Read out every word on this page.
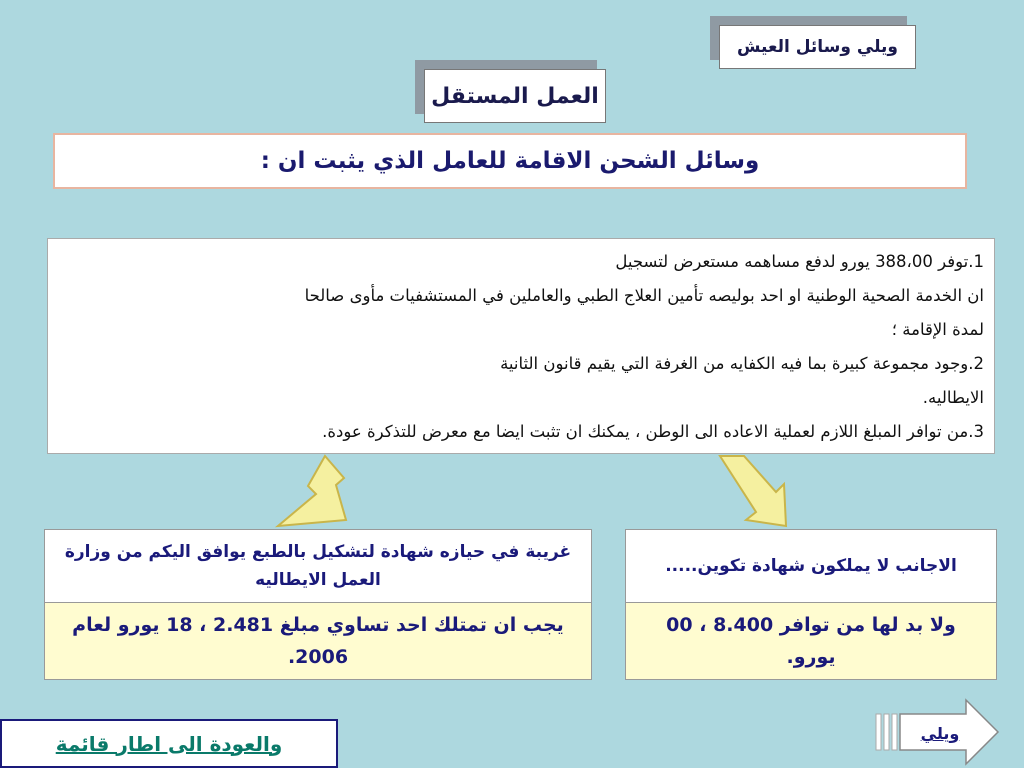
ويلي وسائل العيش
العمل المستقل
وسائل الشحن الاقامة للعامل الذي يثبت ان :

1.توفر 388،00 يورو لدفع مساهمه مستعرض لتسجيل

ان الخدمة الصحية الوطنية او احد بوليصه تأمين العلاج الطبي والعاملين في المستشفيات مأوى صالحا

لمدة الإقامة ؛

2.وجود مجموعة كبيرة بما فيه الكفايه من الغرفة التي يقيم قانون الثانية

الايطاليه.

3.من توافر المبلغ اللازم لعملية الاعاده الى الوطن ، يمكنك ان تثبت ايضا مع معرض للتذكرة عودة.

غريبة في حيازه شهادة لتشكيل بالطبع يوافق اليكم من وزارة العمل الايطاليه
يجب ان تمتلك احد تساوي مبلغ 2.481 ، 18 يورو لعام 2006.
الاجانب لا يملكون شهادة تكوين.....
ولا بد لها من توافر 8.400 ، 00 يورو.
والعودة الى اطار قائمة	ويلي
